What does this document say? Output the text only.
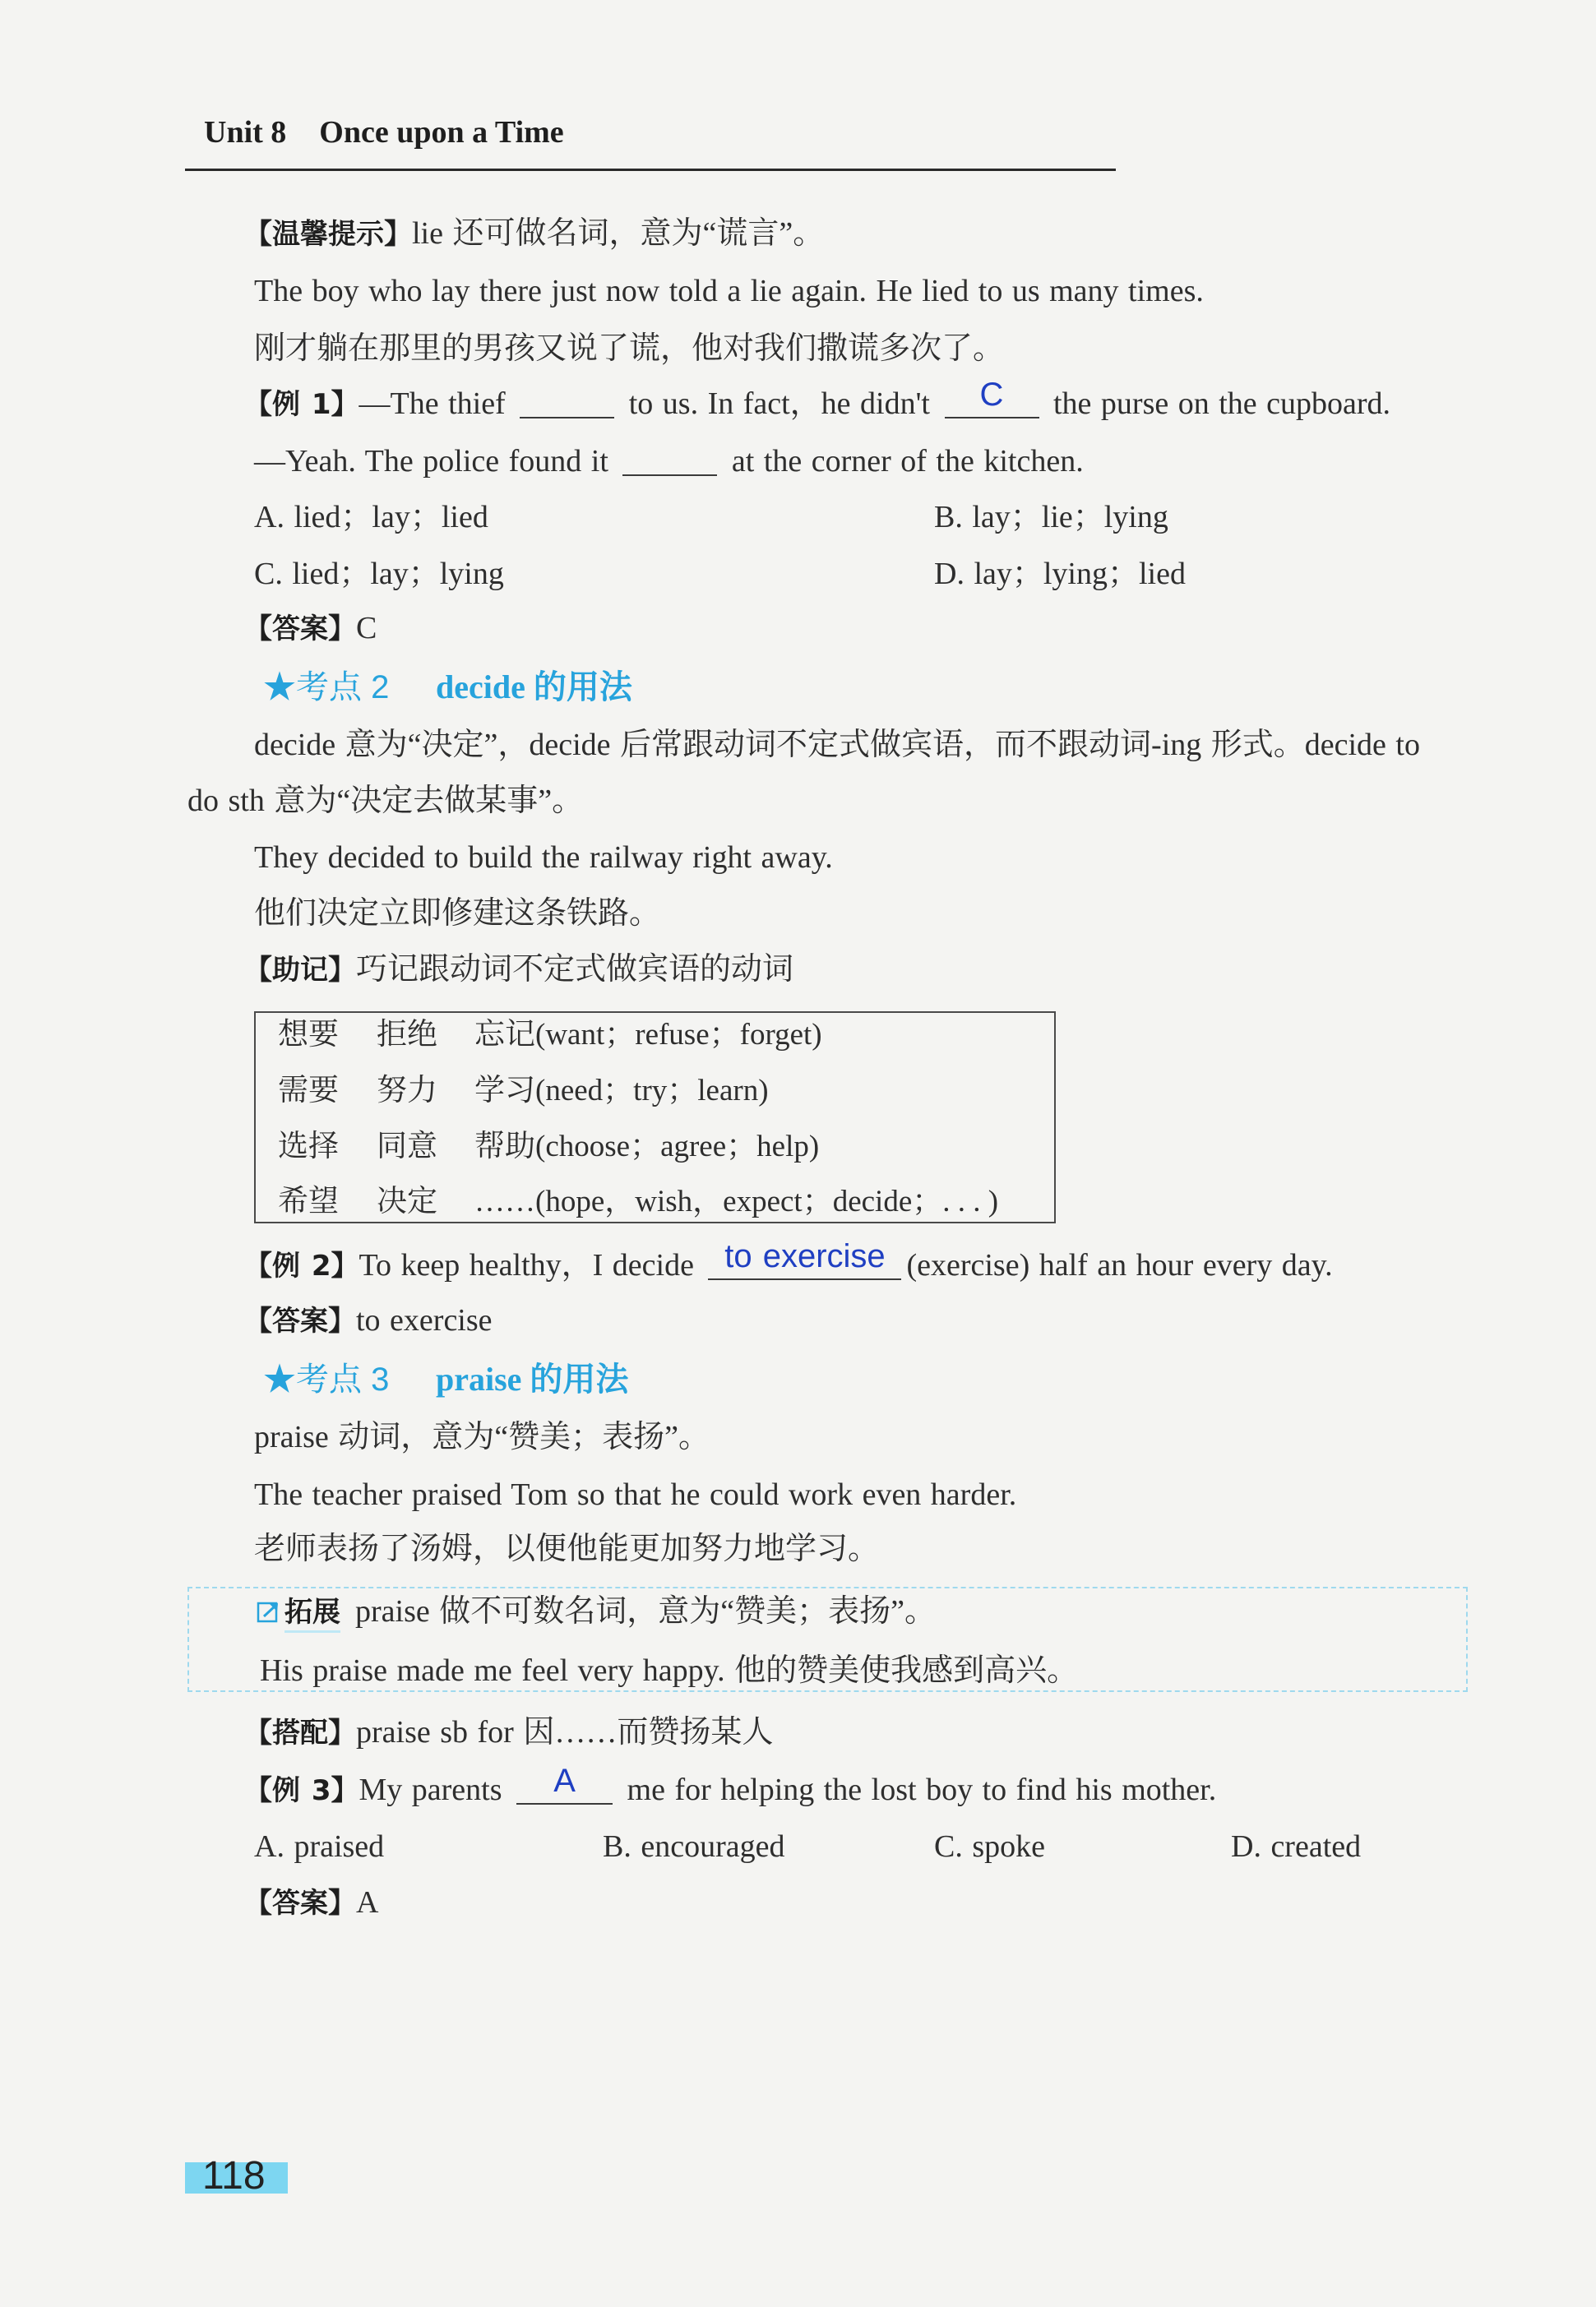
Unit 8 Once upon a Time
【温馨提示】lie 还可做名词，意为“谎言”。
The boy who lay there just now told a lie again. He lied to us many times.
刚才躺在那里的男孩又说了谎，他对我们撒谎多次了。
【例 1】—The thief	to us. In fact，he didn't	C	the purse on the cupboard.
—Yeah. The police found it	at the corner of the kitchen.
A. lied；lay；lied	B. lay；lie；lying
C. lied；lay；lying	D. lay；lying；lied
【答案】C
★考点 2 decide 的用法
decide 意为“决定”，decide 后常跟动词不定式做宾语，而不跟动词-ing 形式。decide to
do sth 意为“决定去做某事”。
They decided to build the railway right away.
他们决定立即修建这条铁路。
【助记】巧记跟动词不定式做宾语的动词
想要 拒绝 忘记(want；refuse；forget)
需要 努力 学习(need；try；learn)
选择 同意 帮助(choose；agree；help)
希望 决定 ……(hope，wish，expect；decide；. . . )
【例 2】To keep healthy，I decide to exercise (exercise) half an hour every day.
【答案】to exercise
★考点 3 praise 的用法
praise 动词，意为“赞美；表扬”。
The teacher praised Tom so that he could work even harder.
老师表扬了汤姆，以便他能更加努力地学习。
拓展 praise 做不可数名词，意为“赞美；表扬”。
His praise made me feel very happy. 他的赞美使我感到高兴。
【搭配】praise sb for 因……而赞扬某人
【例 3】My parents	A	me for helping the lost boy to find his mother.
A. praised	B. encouraged	C. spoke	D. created
【答案】A
118
